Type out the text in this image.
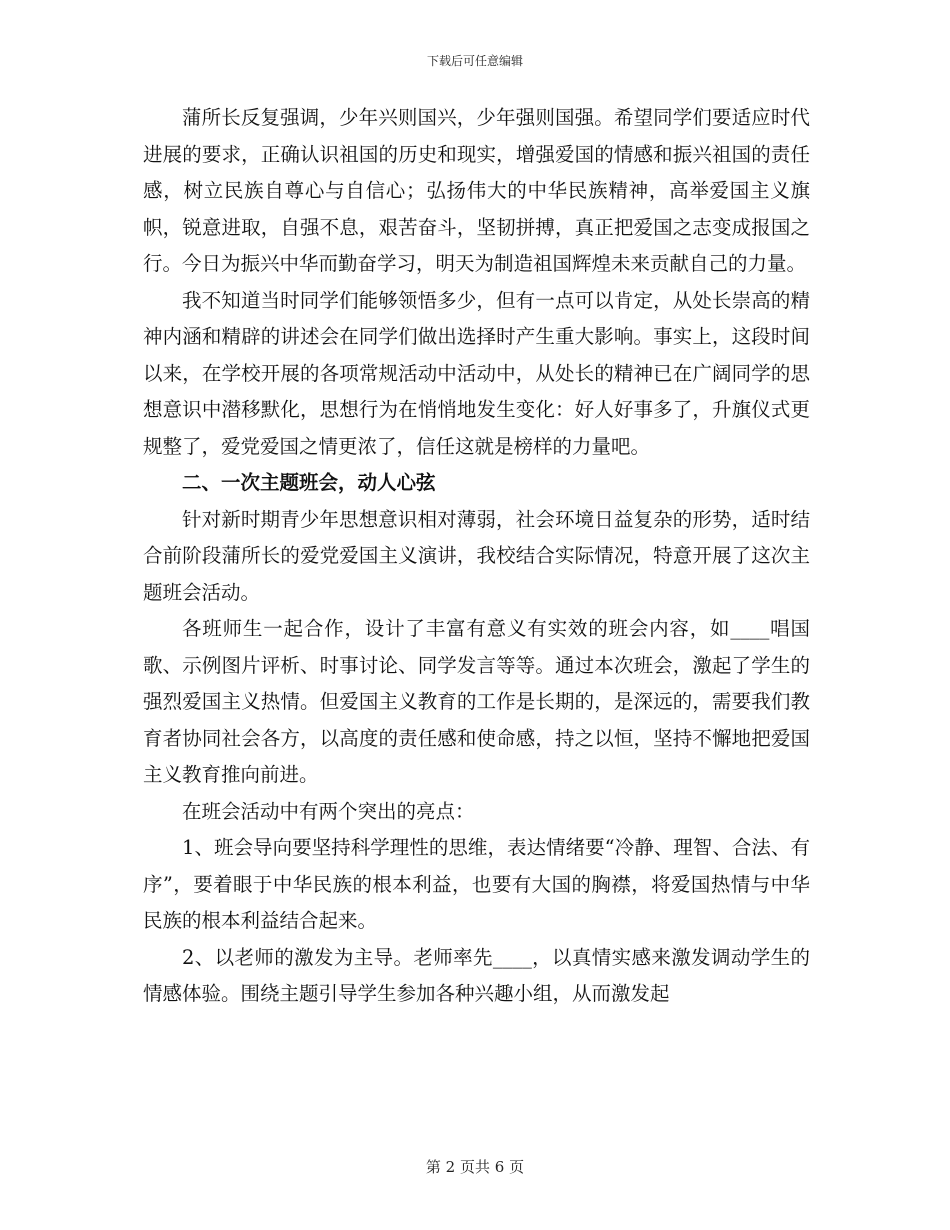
下载后可任意编辑

蒲所长反复强调，少年兴则国兴，少年强则国强。希望同学们要适应时代进展的要求，正确认识祖国的历史和现实，增强爱国的情感和振兴祖国的责任感，树立民族自尊心与自信心；弘扬伟大的中华民族精神，高举爱国主义旗帜，锐意进取，自强不息，艰苦奋斗，坚韧拼搏，真正把爱国之志变成报国之行。今日为振兴中华而勤奋学习，明天为制造祖国辉煌未来贡献自己的力量。

我不知道当时同学们能够领悟多少，但有一点可以肯定，从处长崇高的精神内涵和精辟的讲述会在同学们做出选择时产生重大影响。事实上，这段时间以来，在学校开展的各项常规活动中活动中，从处长的精神已在广阔同学的思想意识中潜移默化，思想行为在悄悄地发生变化：好人好事多了，升旗仪式更规整了，爱党爱国之情更浓了，信任这就是榜样的力量吧。

二、一次主题班会，动人心弦

针对新时期青少年思想意识相对薄弱，社会环境日益复杂的形势，适时结合前阶段蒲所长的爱党爱国主义演讲，我校结合实际情况，特意开展了这次主题班会活动。

各班师生一起合作，设计了丰富有意义有实效的班会内容，如____唱国歌、示例图片评析、时事讨论、同学发言等等。通过本次班会，激起了学生的强烈爱国主义热情。但爱国主义教育的工作是长期的，是深远的，需要我们教育者协同社会各方，以高度的责任感和使命感，持之以恒，坚持不懈地把爱国主义教育推向前进。

在班会活动中有两个突出的亮点：

1、班会导向要坚持科学理性的思维，表达情绪要“冷静、理智、合法、有序”，要着眼于中华民族的根本利益，也要有大国的胸襟，将爱国热情与中华民族的根本利益结合起来。

2、以老师的激发为主导。老师率先____，以真情实感来激发调动学生的情感体验。围绕主题引导学生参加各种兴趣小组，从而激发起

第 2 页共 6 页
